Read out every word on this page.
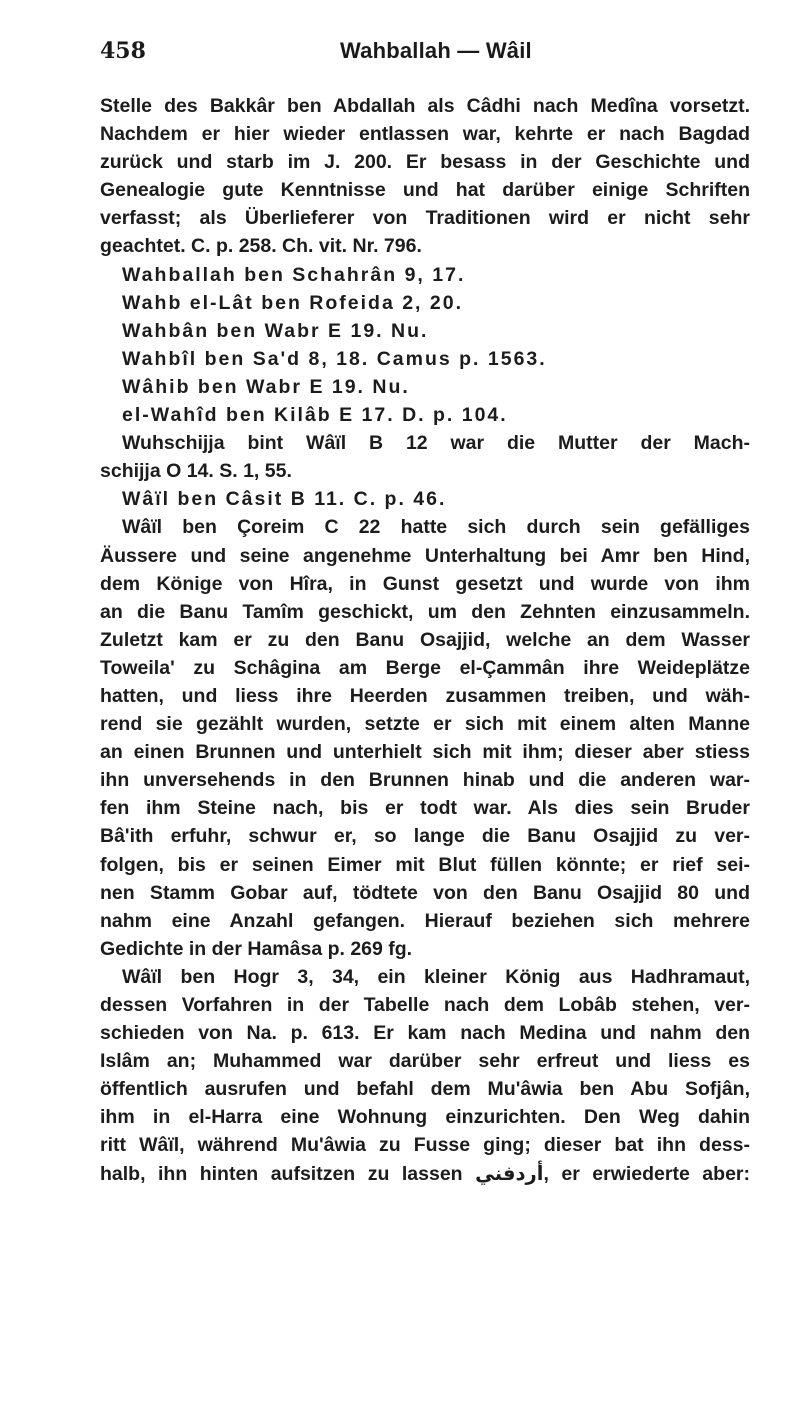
458	Wahballah — Wâil
Stelle des Bakkâr ben Abdallah als Câdhi nach Medîna vorsetzt.
Nachdem er hier wieder entlassen war, kehrte er nach Bagdad
zurück und starb im J. 200. Er besass in der Geschichte und
Genealogie gute Kenntnisse und hat darüber einige Schriften
verfasst; als Überlieferer von Traditionen wird er nicht sehr
geachtet. C. p. 258. Ch. vit. Nr. 796.
Wahballah ben Schahrân 9, 17.
Wahb el-Lât ben Rofeida 2, 20.
Wahbân ben Wabr E 19. Nu.
Wahbîl ben Sa'd 8, 18. Camus p. 1563.
Wâhib ben Wabr E 19. Nu.
el-Wahîd ben Kilâb E 17. D. p. 104.
Wuhschijja bint Wâïl B 12 war die Mutter der Mach-
schijja O 14. S. 1, 55.
Wâïl ben Câsit B 11. C. p. 46.
Wâïl ben Çoreim C 22 hatte sich durch sein gefälliges
Äussere und seine angenehme Unterhaltung bei Amr ben Hind,
dem Könige von Hîra, in Gunst gesetzt und wurde von ihm
an die Banu Tamîm geschickt, um den Zehnten einzusammeln.
Zuletzt kam er zu den Banu Osajjid, welche an dem Wasser
Toweila' zu Schâgina am Berge el-Çammân ihre Weideplätze
hatten, und liess ihre Heerden zusammen treiben, und wäh-
rend sie gezählt wurden, setzte er sich mit einem alten Manne
an einen Brunnen und unterhielt sich mit ihm; dieser aber stiess
ihn unversehends in den Brunnen hinab und die anderen war-
fen ihm Steine nach, bis er todt war. Als dies sein Bruder
Bâ'ith erfuhr, schwur er, so lange die Banu Osajjid zu ver-
folgen, bis er seinen Eimer mit Blut füllen könnte; er rief sei-
nen Stamm Gobar auf, tödtete von den Banu Osajjid 80 und
nahm eine Anzahl gefangen. Hierauf beziehen sich mehrere
Gedichte in der Hamâsa p. 269 fg.
Wâïl ben Hogr 3, 34, ein kleiner König aus Hadhramaut,
dessen Vorfahren in der Tabelle nach dem Lobâb stehen, ver-
schieden von Na. p. 613. Er kam nach Medina und nahm den
Islâm an; Muhammed war darüber sehr erfreut und liess es
öffentlich ausrufen und befahl dem Mu'âwia ben Abu Sofjân,
ihm in el-Harra eine Wohnung einzurichten. Den Weg dahin
ritt Wâïl, während Mu'âwia zu Fusse ging; dieser bat ihn dess-
halb, ihn hinten aufsitzen zu lassen أردفني, er erwiederte aber:
